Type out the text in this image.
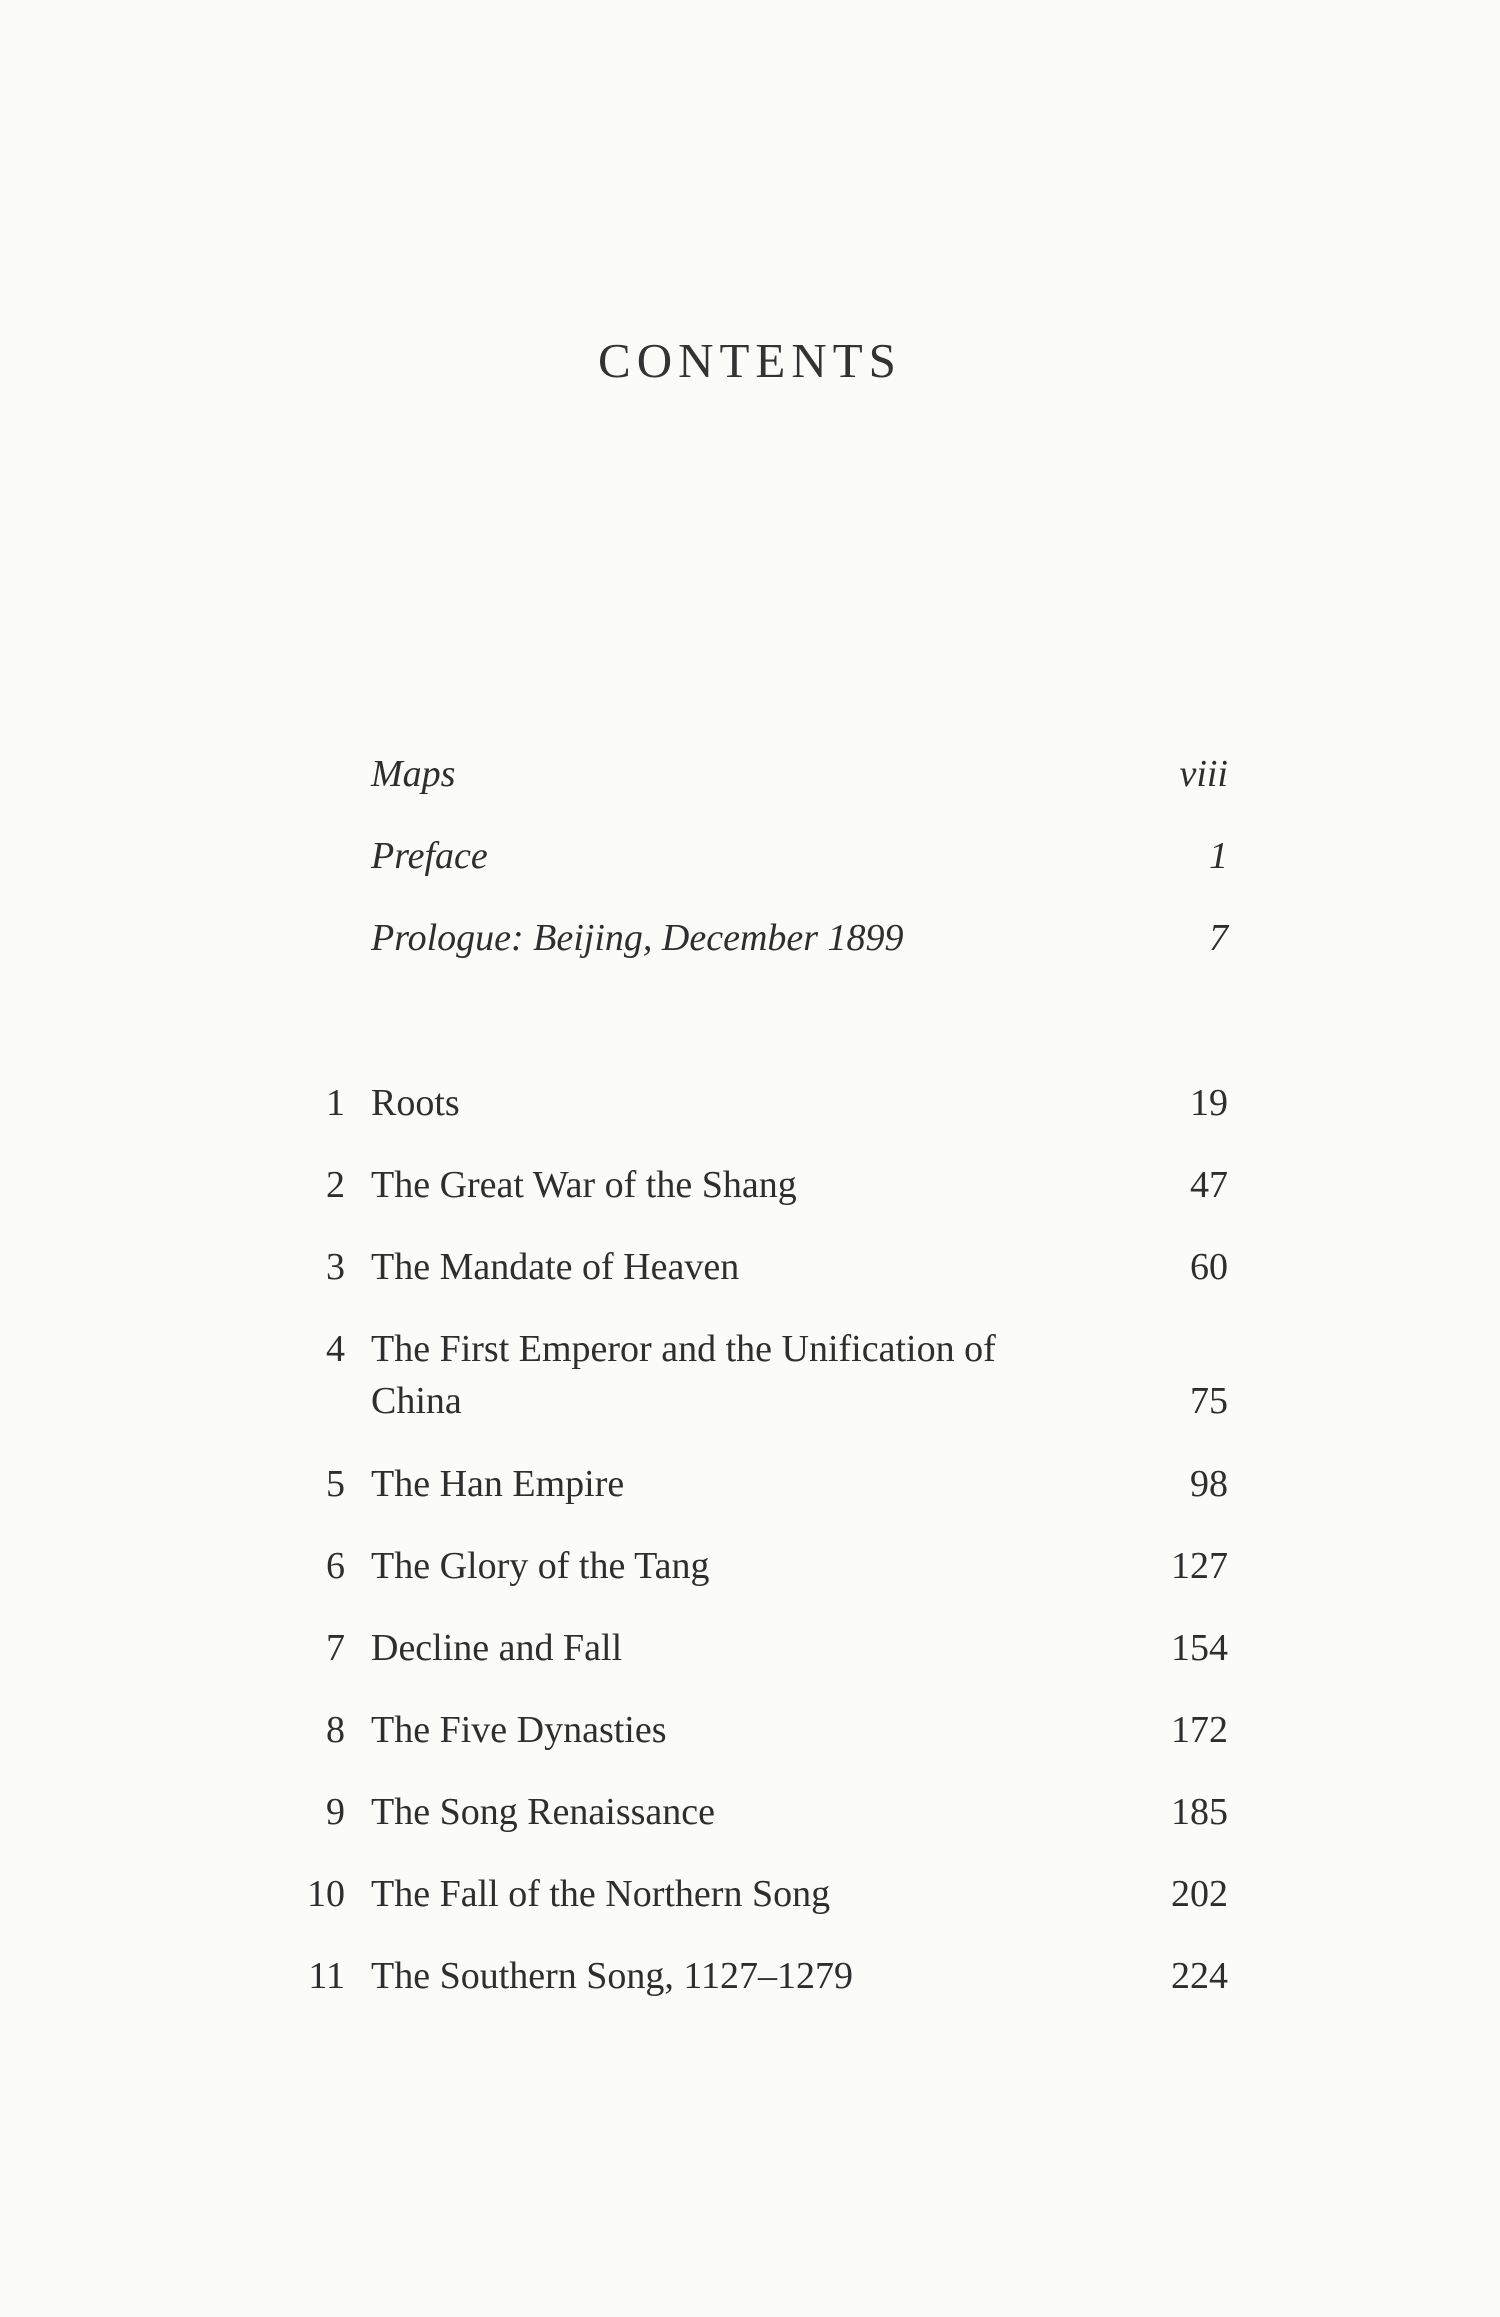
CONTENTS
Maps	viii
Preface	1
Prologue: Beijing, December 1899	7
1 Roots	19
2 The Great War of the Shang	47
3 The Mandate of Heaven	60
4 The First Emperor and the Unification of China	75
5 The Han Empire	98
6 The Glory of the Tang	127
7 Decline and Fall	154
8 The Five Dynasties	172
9 The Song Renaissance	185
10 The Fall of the Northern Song	202
11 The Southern Song, 1127–1279	224
